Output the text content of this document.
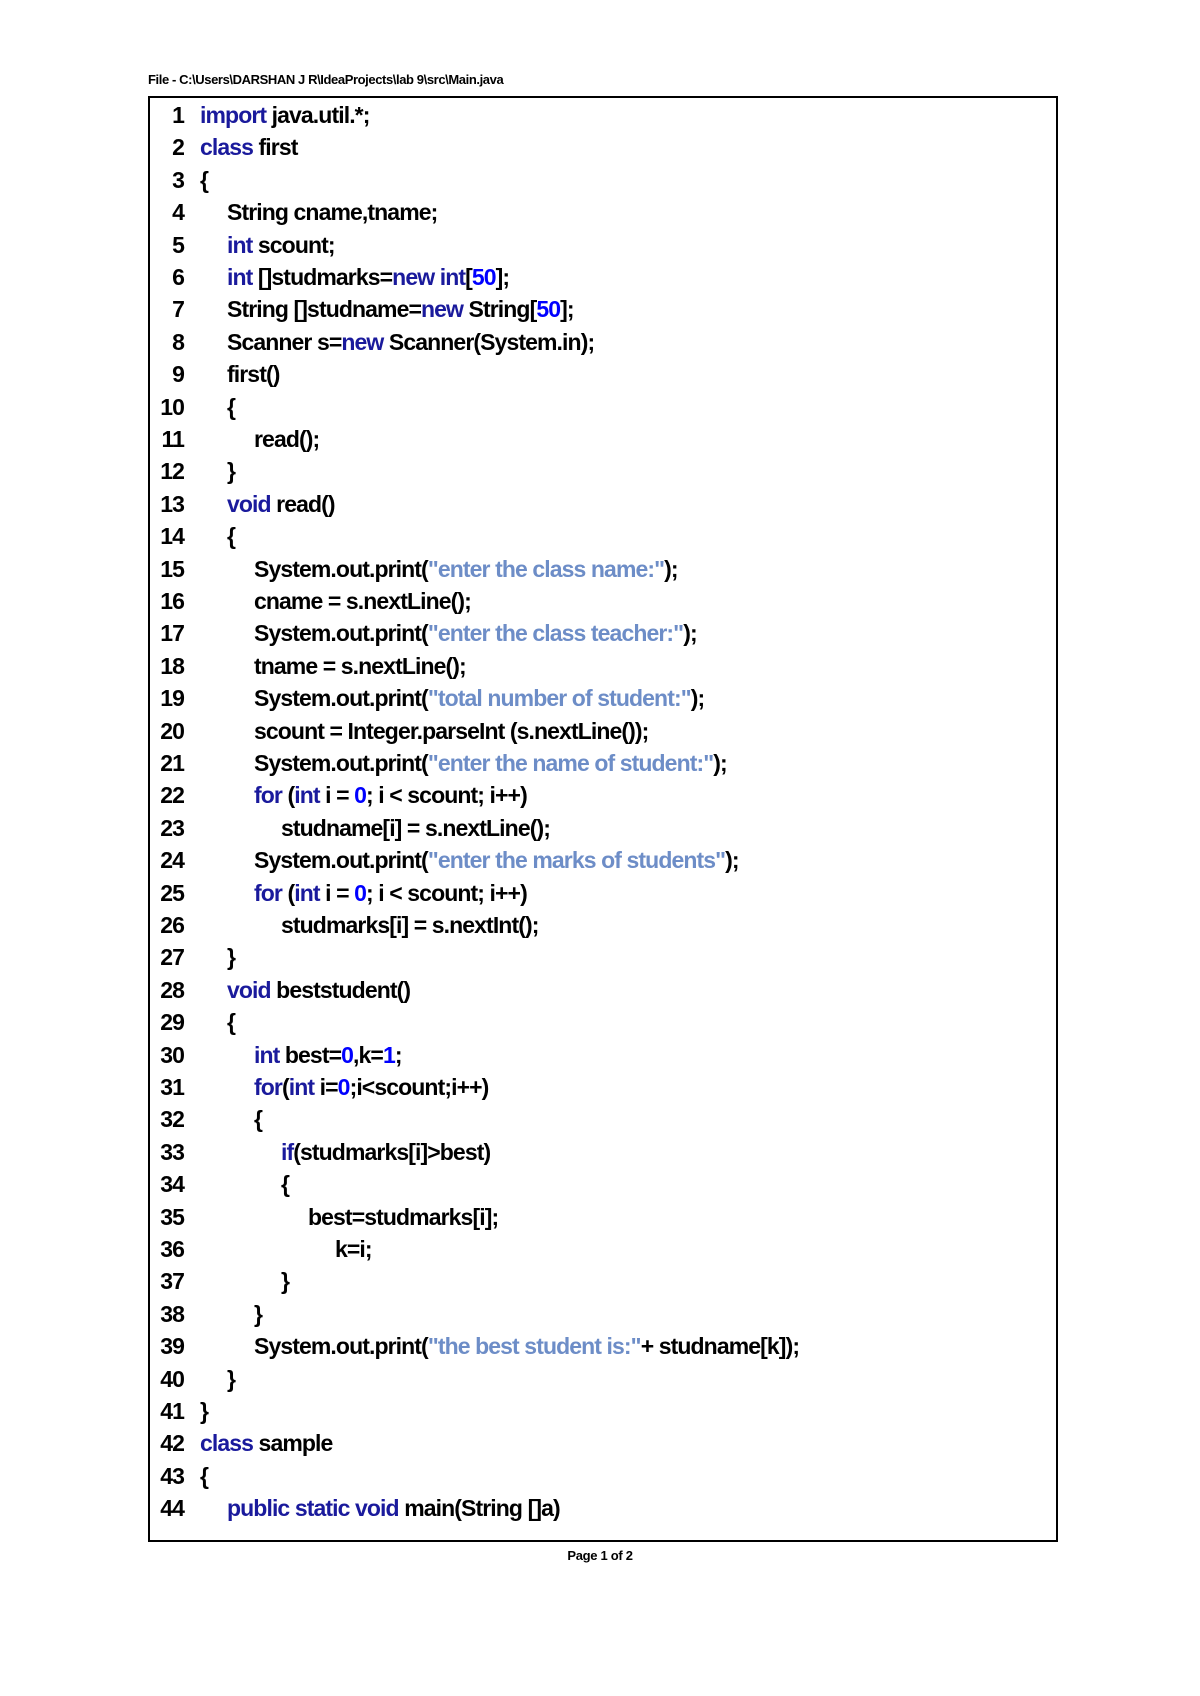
File - C:\Users\DARSHAN J R\IdeaProjects\lab 9\src\Main.java
1 import java.util.*;
2 class first
3 {
4 String cname,tname;
5 int scount;
6 int []studmarks=new int[50];
7 String []studname=new String[50];
8 Scanner s=new Scanner(System.in);
9 first()
10 {
11	read();
12 }
13 void read()
14 {
15	System.out.print("enter the class name:");
16	cname = s.nextLine();
17	System.out.print("enter the class teacher:");
18	tname = s.nextLine();
19	System.out.print("total number of student:");
20	scount = Integer.parseInt (s.nextLine());
21	System.out.print("enter the name of student:");
22	for (int i = 0; i < scount; i++)
23	studname[i] = s.nextLine();
24	System.out.print("enter the marks of students");
25	for (int i = 0; i < scount; i++)
26	studmarks[i] = s.nextInt();
27 }
28 void beststudent()
29 {
30	int best=0,k=1;
31	for(int i=0;i<scount;i++)
32	{
33	if(studmarks[i]>best)
34	{
35	best=studmarks[i];
36	k=i;
37	}
38	}
39	System.out.print("the best student is:"+ studname[k]);
40 }
41 }
42 class sample
43 {
44 public static void main(String []a)
Page 1 of 2
